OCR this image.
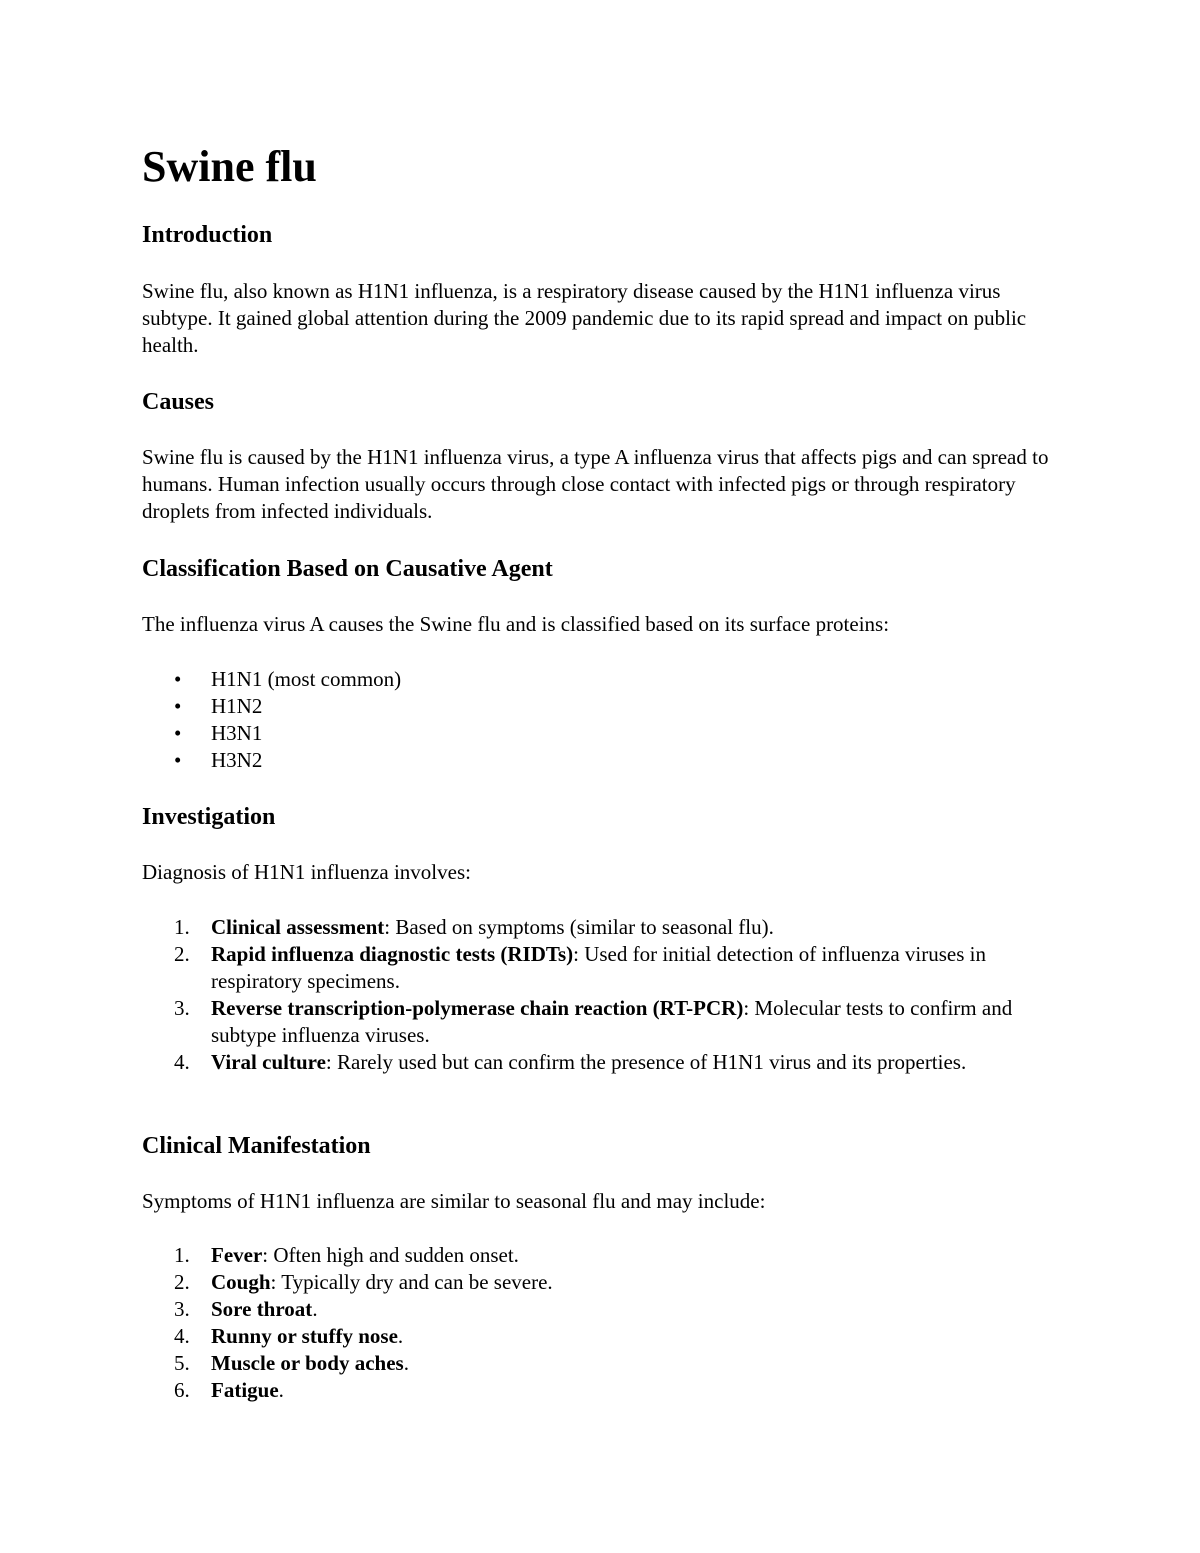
Swine flu
Introduction

Swine flu, also known as H1N1 influenza, is a respiratory disease caused by the H1N1 influenza virus subtype. It gained global attention during the 2009 pandemic due to its rapid spread and impact on public health.

Causes

Swine flu is caused by the H1N1 influenza virus, a type A influenza virus that affects pigs and can spread to humans. Human infection usually occurs through close contact with infected pigs or through respiratory droplets from infected individuals.

Classification Based on Causative Agent

The influenza virus A causes the Swine flu and is classified based on its surface proteins:

• H1N1 (most common)
• H1N2
• H3N1
• H3N2
Investigation

Diagnosis of H1N1 influenza involves:

1. Clinical assessment: Based on symptoms (similar to seasonal flu).
2. Rapid influenza diagnostic tests (RIDTs): Used for initial detection of influenza viruses in respiratory specimens.
3. Reverse transcription-polymerase chain reaction (RT-PCR): Molecular tests to confirm and subtype influenza viruses.
4. Viral culture: Rarely used but can confirm the presence of H1N1 virus and its properties.
Clinical Manifestation

Symptoms of H1N1 influenza are similar to seasonal flu and may include:

1. Fever: Often high and sudden onset.
2. Cough: Typically dry and can be severe.
3. Sore throat.
4. Runny or stuffy nose.
5. Muscle or body aches.
6. Fatigue.
